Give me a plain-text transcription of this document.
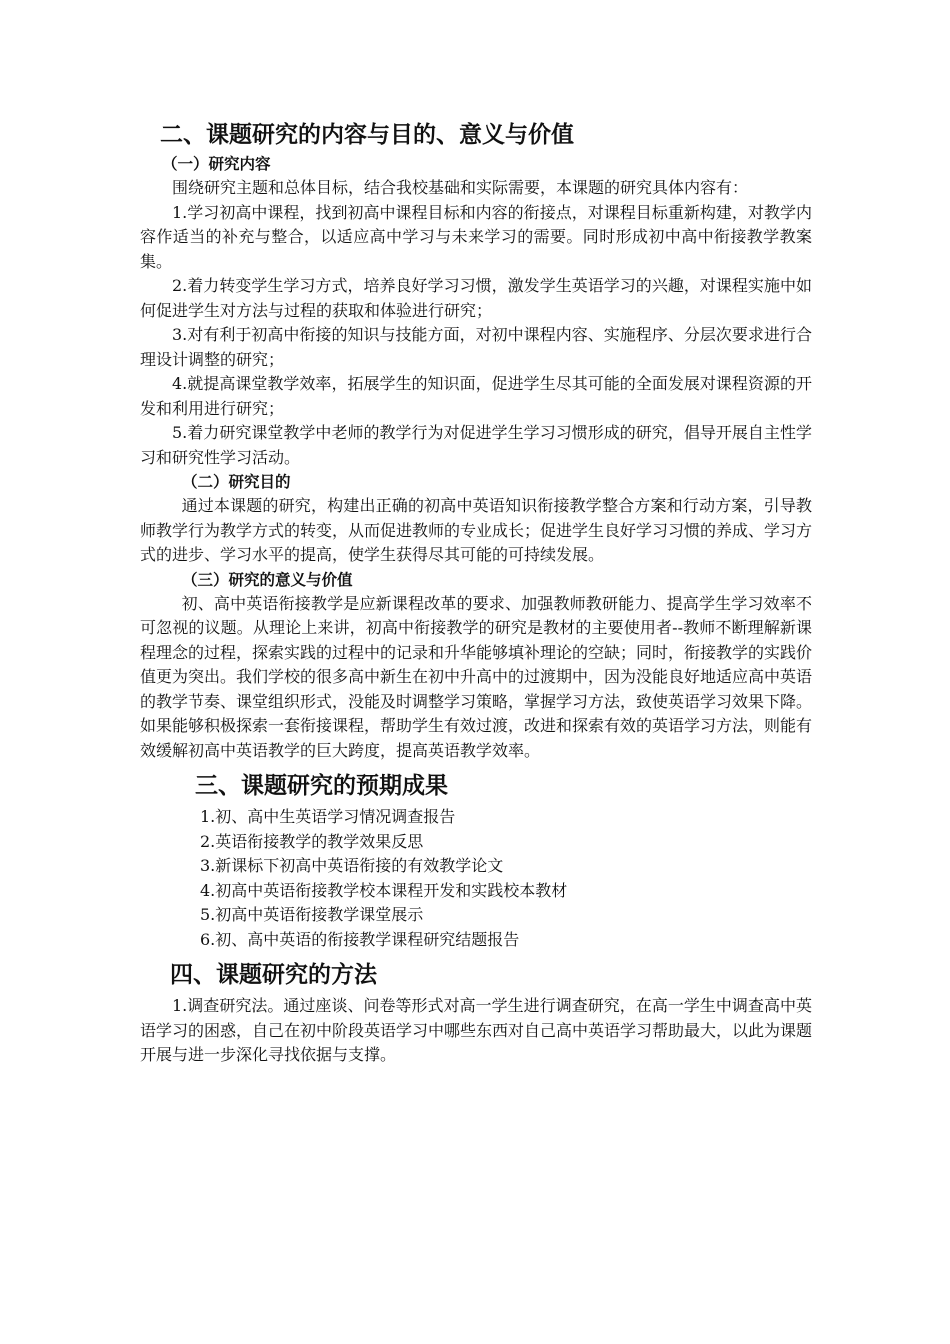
二、课题研究的内容与目的、意义与价值
（一）研究内容

围绕研究主题和总体目标，结合我校基础和实际需要，本课题的研究具体内容有：

1.学习初高中课程，找到初高中课程目标和内容的衔接点，对课程目标重新构建，对教学内容作适当的补充与整合，以适应高中学习与未来学习的需要。同时形成初中高中衔接教学教案集。

2.着力转变学生学习方式，培养良好学习习惯，激发学生英语学习的兴趣，对课程实施中如何促进学生对方法与过程的获取和体验进行研究；

3.对有利于初高中衔接的知识与技能方面，对初中课程内容、实施程序、分层次要求进行合理设计调整的研究；

4.就提高课堂教学效率，拓展学生的知识面，促进学生尽其可能的全面发展对课程资源的开发和利用进行研究；

5.着力研究课堂教学中老师的教学行为对促进学生学习习惯形成的研究，倡导开展自主性学习和研究性学习活动。

（二）研究目的

通过本课题的研究，构建出正确的初高中英语知识衔接教学整合方案和行动方案，引导教师教学行为教学方式的转变，从而促进教师的专业成长；促进学生良好学习习惯的养成、学习方式的进步、学习水平的提高，使学生获得尽其可能的可持续发展。

（三）研究的意义与价值

初、高中英语衔接教学是应新课程改革的要求、加强教师教研能力、提高学生学习效率不可忽视的议题。从理论上来讲，初高中衔接教学的研究是教材的主要使用者--教师不断理解新课程理念的过程，探索实践的过程中的记录和升华能够填补理论的空缺；同时，衔接教学的实践价值更为突出。我们学校的很多高中新生在初中升高中的过渡期中，因为没能良好地适应高中英语的教学节奏、课堂组织形式，没能及时调整学习策略，掌握学习方法，致使英语学习效果下降。如果能够积极探索一套衔接课程，帮助学生有效过渡，改进和探索有效的英语学习方法，则能有效缓解初高中英语教学的巨大跨度，提高英语教学效率。

三、课题研究的预期成果

1.初、高中生英语学习情况调查报告

2.英语衔接教学的教学效果反思

3.新课标下初高中英语衔接的有效教学论文

4.初高中英语衔接教学校本课程开发和实践校本教材

5.初高中英语衔接教学课堂展示

6.初、高中英语的衔接教学课程研究结题报告

四、课题研究的方法

1.调查研究法。通过座谈、问卷等形式对高一学生进行调查研究，在高一学生中调查高中英语学习的困惑，自己在初中阶段英语学习中哪些东西对自己高中英语学习帮助最大，以此为课题开展与进一步深化寻找依据与支撑。
